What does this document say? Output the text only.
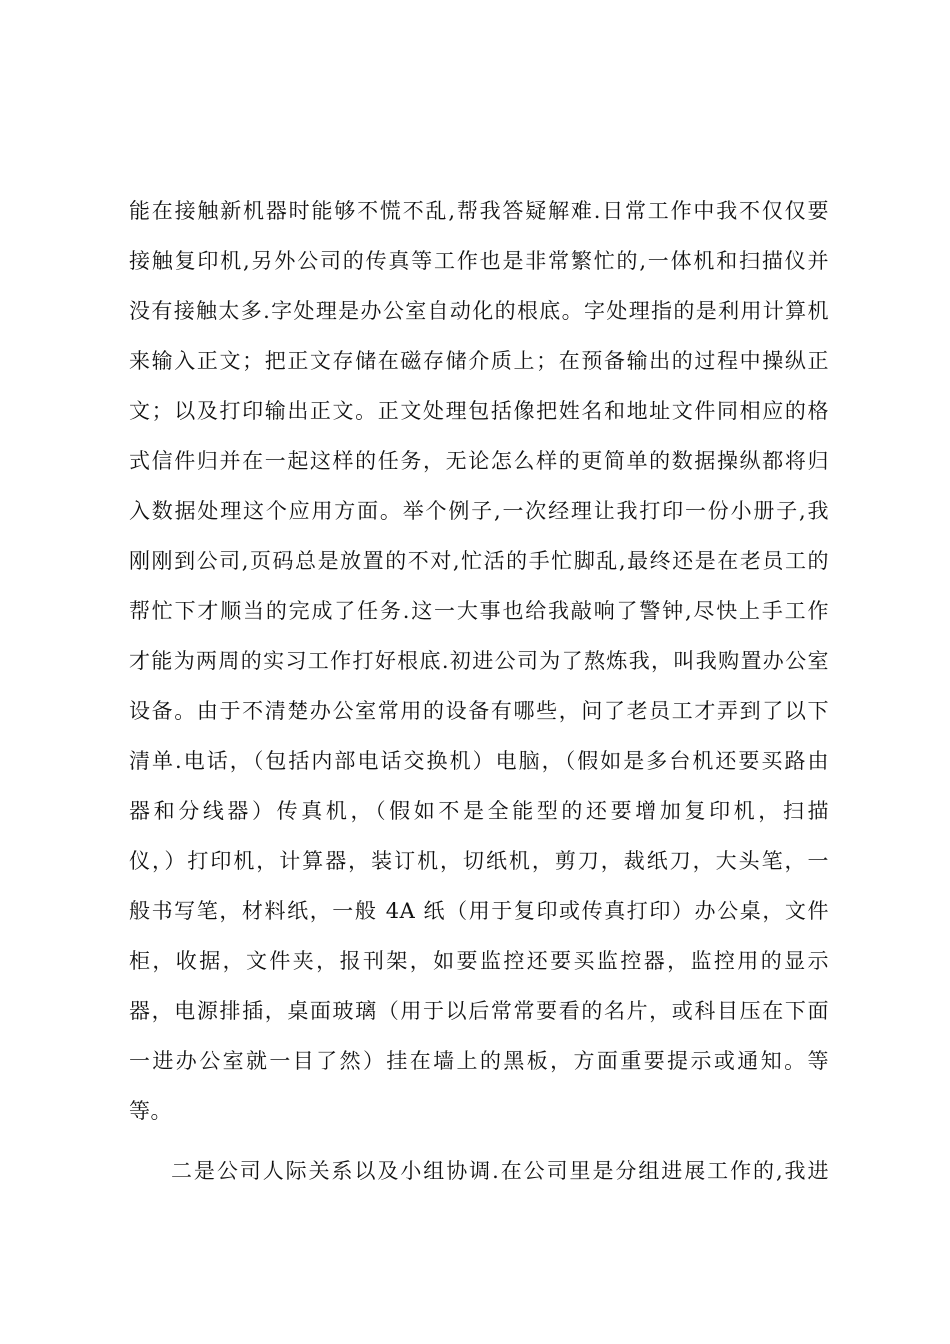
能在接触新机器时能够不慌不乱,帮我答疑解难.日常工作中我不仅仅要
接触复印机,另外公司的传真等工作也是非常繁忙的,一体机和扫描仪并
没有接触太多.字处理是办公室自动化的根底。字处理指的是利用计算机
来输入正文；把正文存储在磁存储介质上；在预备输出的过程中操纵正
文；以及打印输出正文。正文处理包括像把姓名和地址文件同相应的格
式信件归并在一起这样的任务，无论怎么样的更简单的数据操纵都将归
入数据处理这个应用方面。举个例子,一次经理让我打印一份小册子,我
刚刚到公司,页码总是放置的不对,忙活的手忙脚乱,最终还是在老员工的
帮忙下才顺当的完成了任务.这一大事也给我敲响了警钟,尽快上手工作
才能为两周的实习工作打好根底.初进公司为了熬炼我，叫我购置办公室
设备。由于不清楚办公室常用的设备有哪些，问了老员工才弄到了以下
清单.电话，（包括内部电话交换机）电脑，（假如是多台机还要买路由
器和分线器）传真机，（假如不是全能型的还要增加复印机，扫描
仪，）打印机，计算器，装订机，切纸机，剪刀，裁纸刀，大头笔，一
般书写笔，材料纸，一般 4A 纸（用于复印或传真打印）办公桌，文件
柜，收据，文件夹，报刊架，如要监控还要买监控器，监控用的显示
器，电源排插，桌面玻璃（用于以后常常要看的名片，或科目压在下面
一进办公室就一目了然）挂在墙上的黑板，方面重要提示或通知。等
等。
二是公司人际关系以及小组协调.在公司里是分组进展工作的,我进
